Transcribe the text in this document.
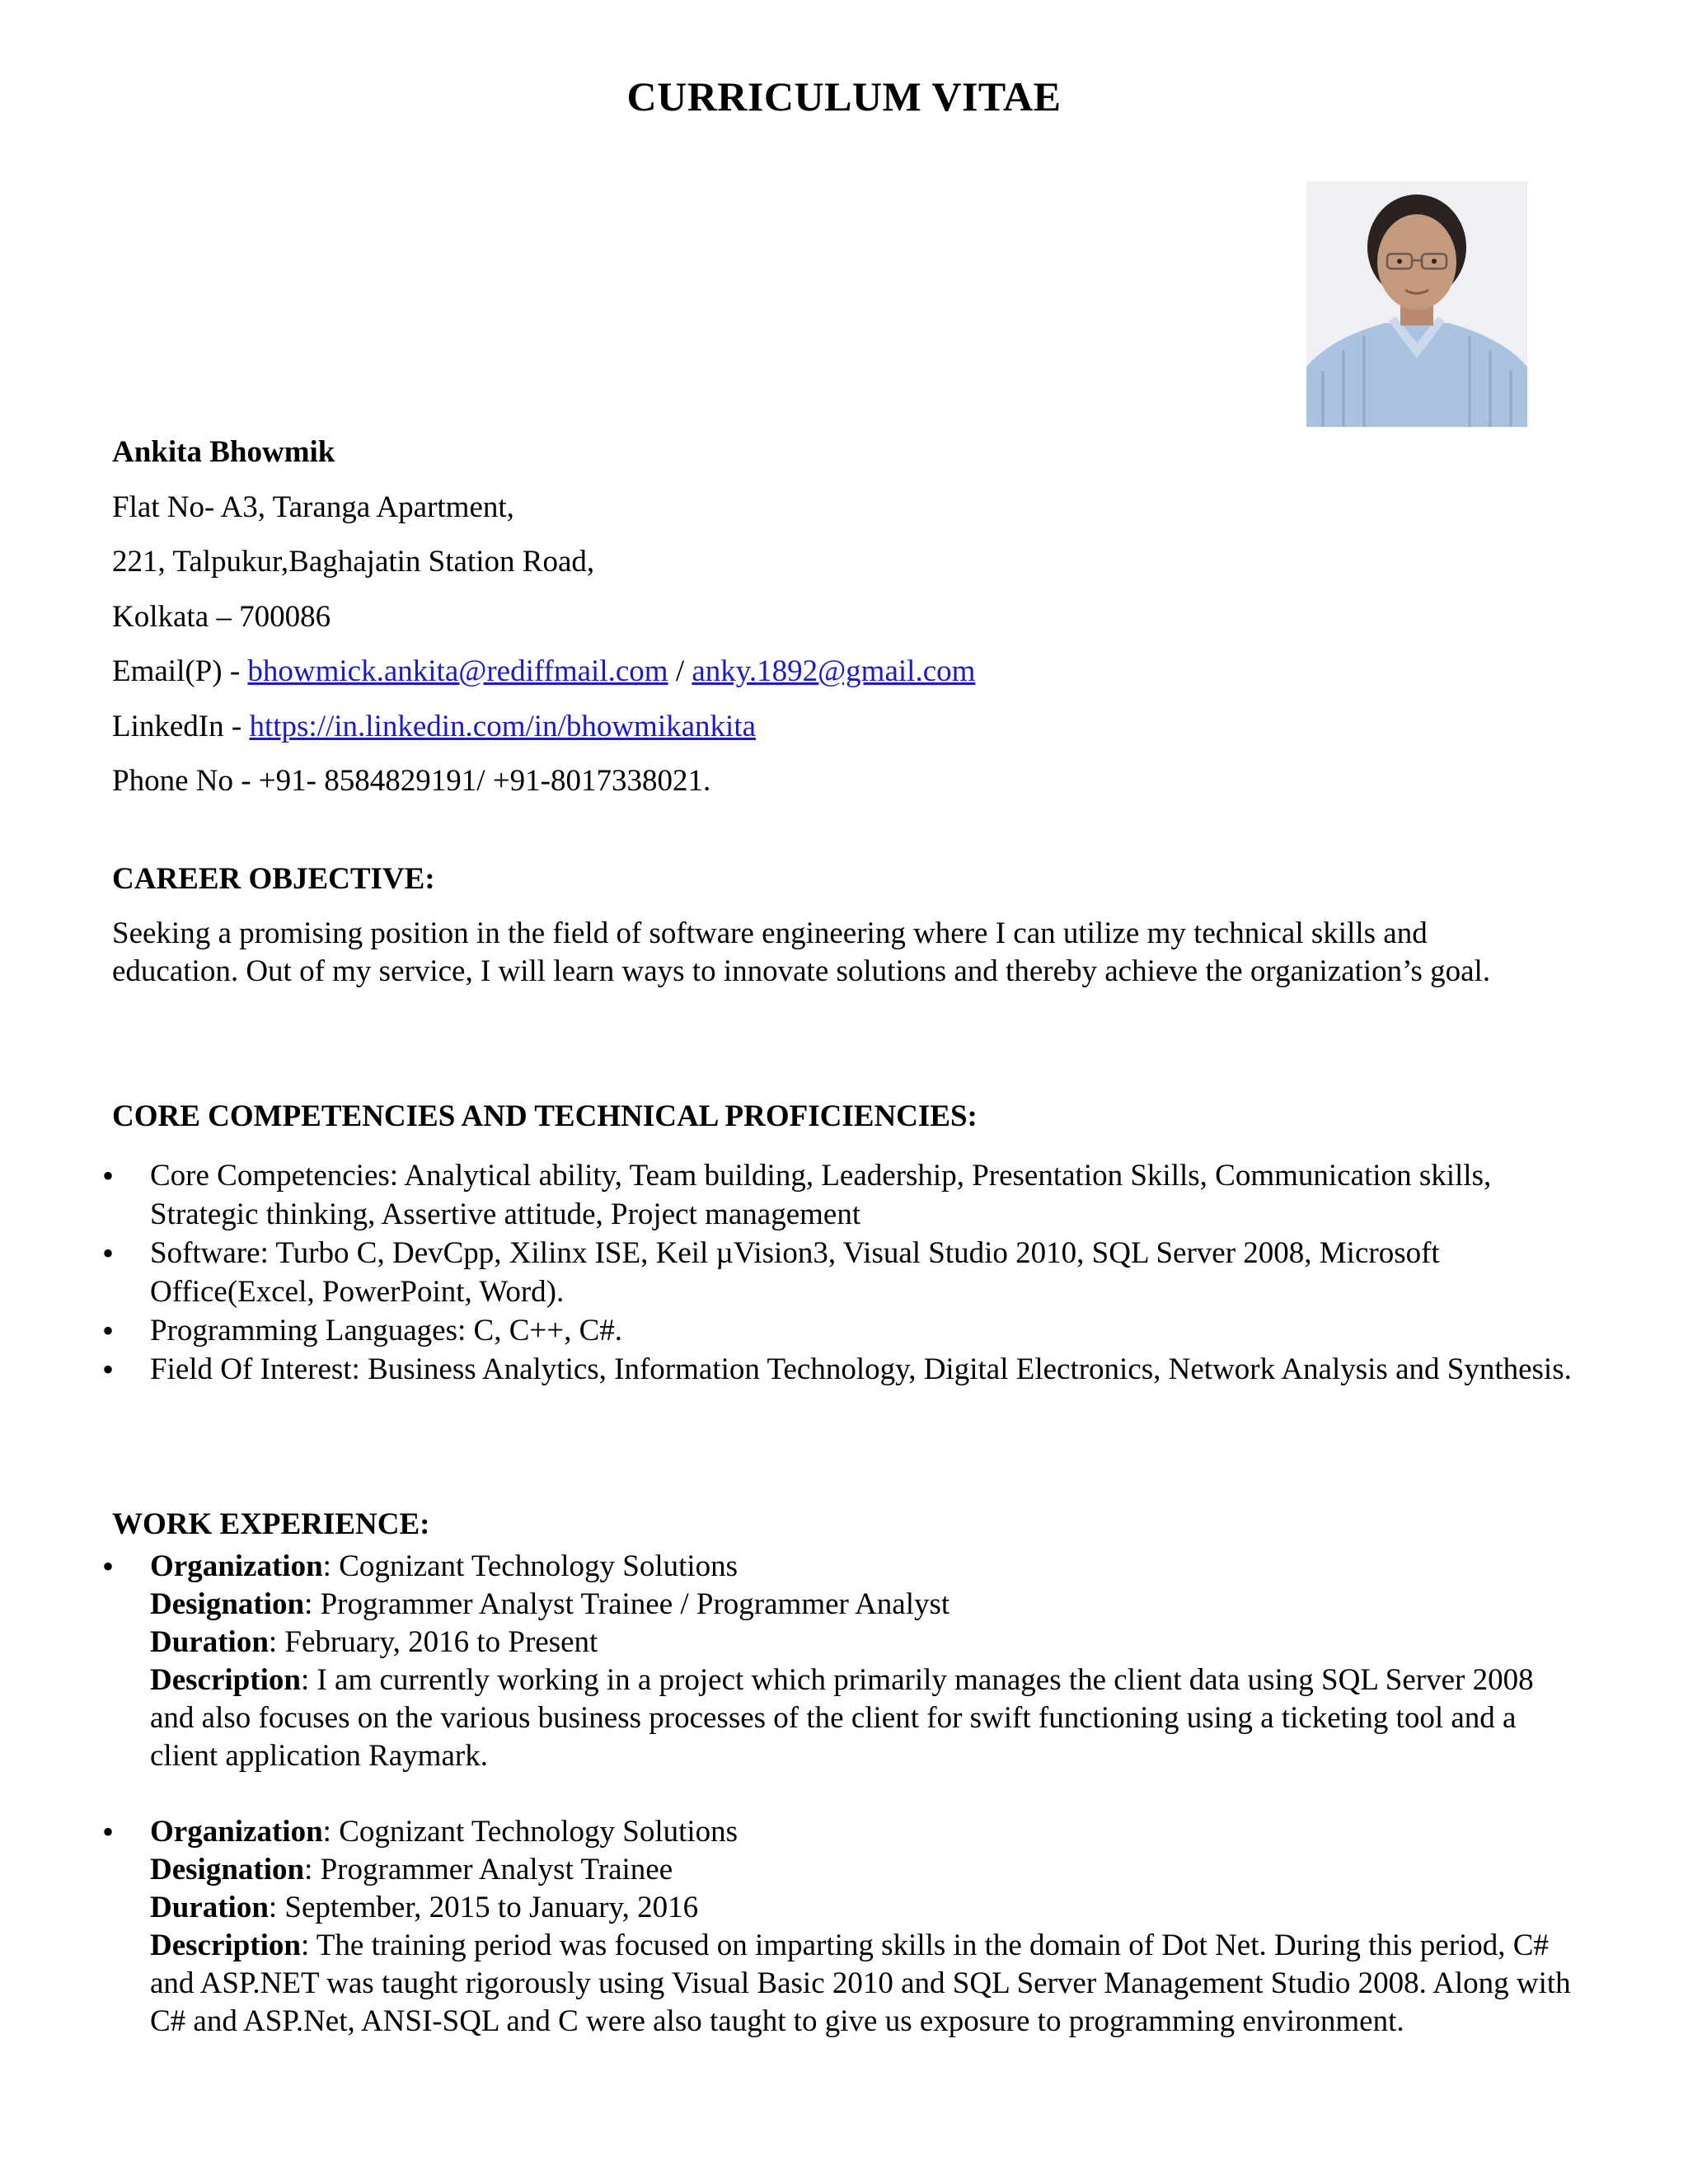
CURRICULUM VITAE
Ankita Bhowmik
Flat No- A3, Taranga Apartment,
221, Talpukur,Baghajatin Station Road,
Kolkata – 700086
Email(P) - bhowmick.ankita@rediffmail.com / anky.1892@gmail.com
LinkedIn - https://in.linkedin.com/in/bhowmikankita
Phone No - +91- 8584829191/ +91-8017338021.
CAREER OBJECTIVE:
Seeking a promising position in the field of software engineering where I can utilize my technical skills and education. Out of my service, I will learn ways to innovate solutions and thereby achieve the organization’s goal.
CORE COMPETENCIES AND TECHNICAL PROFICIENCIES:
• Core Competencies: Analytical ability, Team building, Leadership, Presentation Skills, Communication skills, Strategic thinking, Assertive attitude, Project management
• Software: Turbo C, DevCpp, Xilinx ISE, Keil µVision3, Visual Studio 2010, SQL Server 2008, Microsoft Office(Excel, PowerPoint, Word).
• Programming Languages: C, C++, C#.
• Field Of Interest: Business Analytics, Information Technology, Digital Electronics, Network Analysis and Synthesis.
WORK EXPERIENCE:
• Organization: Cognizant Technology Solutions
Designation: Programmer Analyst Trainee / Programmer Analyst
Duration: February, 2016 to Present
Description: I am currently working in a project which primarily manages the client data using SQL Server 2008 and also focuses on the various business processes of the client for swift functioning using a ticketing tool and a client application Raymark.
• Organization: Cognizant Technology Solutions
Designation: Programmer Analyst Trainee
Duration: September, 2015 to January, 2016
Description: The training period was focused on imparting skills in the domain of Dot Net. During this period, C# and ASP.NET was taught rigorously using Visual Basic 2010 and SQL Server Management Studio 2008. Along with C# and ASP.Net, ANSI-SQL and C were also taught to give us exposure to programming environment.
